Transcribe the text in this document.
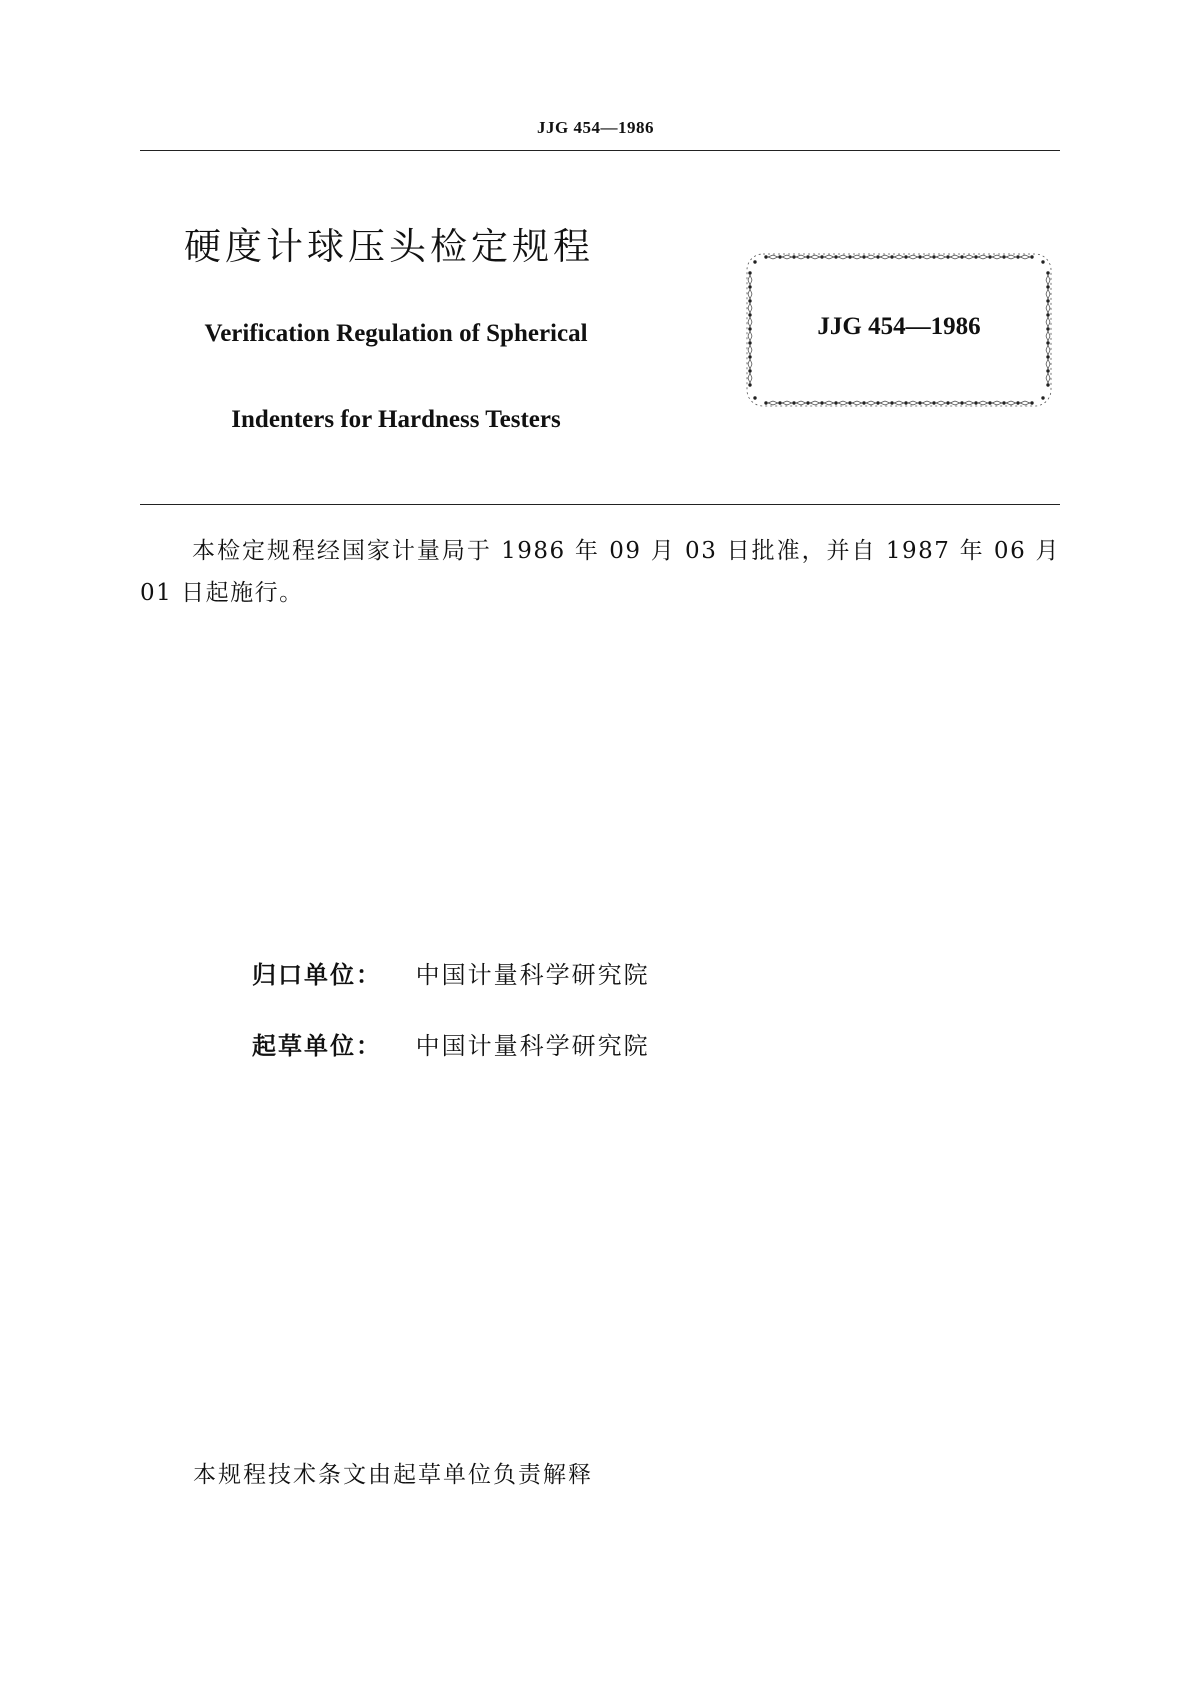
JJG 454—1986
硬度计球压头检定规程
Verification Regulation of Spherical
Indenters for Hardness Testers
JJG 454—1986
本检定规程经国家计量局于 1986 年 09 月 03 日批准，并自 1987 年 06 月 01 日起施行。
归口单位： 中国计量科学研究院
起草单位： 中国计量科学研究院
本规程技术条文由起草单位负责解释
